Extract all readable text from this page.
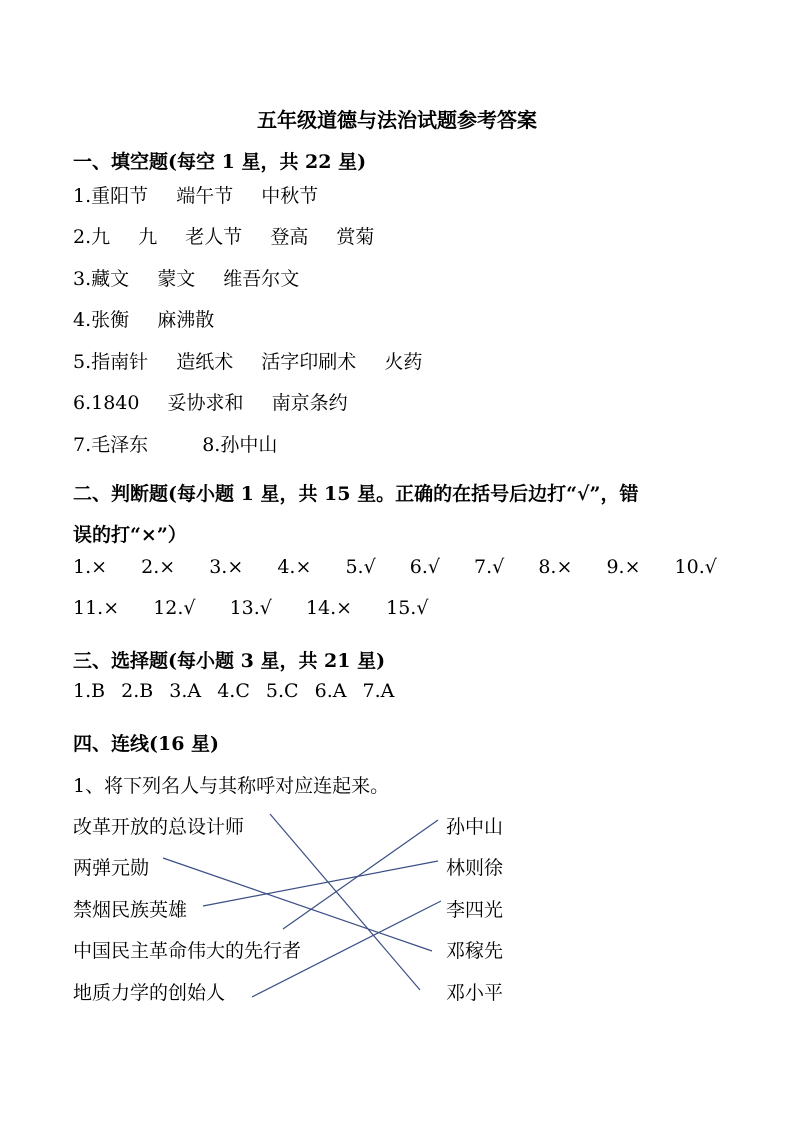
五年级道德与法治试题参考答案
一、填空题(每空 1 星，共 22 星)
1.重阳节 端午节 中秋节
2.九 九 老人节 登高 赏菊
3.藏文 蒙文 维吾尔文
4.张衡 麻沸散
5.指南针 造纸术 活字印刷术 火药
6.1840 妥协求和 南京条约
7.毛泽东	8.孙中山
二、判断题(每小题 1 星，共 15 星。正确的在括号后边打“√”，错
误的打“×”）
1.× 2.× 3.× 4.× 5.√ 6.√ 7.√ 8.× 9.× 10.√
11.× 12.√ 13.√ 14.× 15.√
三、选择题(每小题 3 星，共 21 星)
1.B 2.B 3.A 4.C 5.C 6.A 7.A
四、连线(16 星)
1、将下列名人与其称呼对应连起来。
改革开放的总设计师
两弹元勋
禁烟民族英雄
中国民主革命伟大的先行者
地质力学的创始人
孙中山
林则徐
李四光
邓稼先
邓小平
